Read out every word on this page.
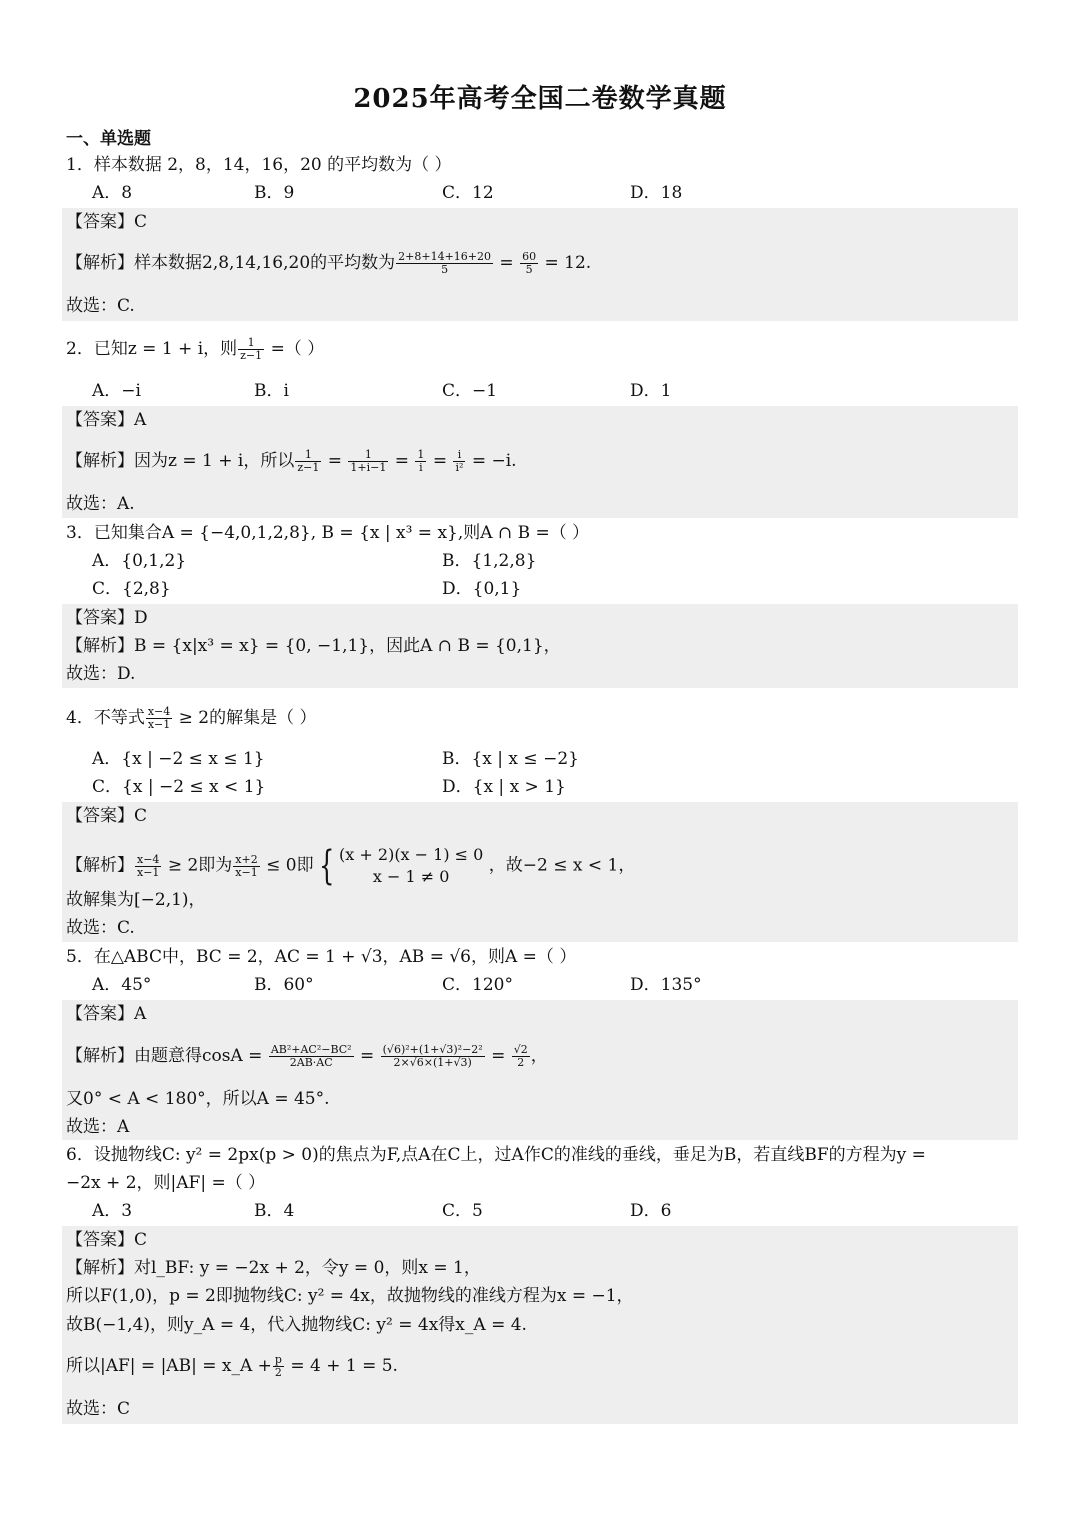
2025年高考全国二卷数学真题
一、单选题
1．样本数据 2，8，14，16，20 的平均数为（ ）
A．8	B．9	C．12	D．18
【答案】C
【解析】样本数据2,8,14,16,20的平均数为 $\frac{2+8+14+16+20}{5} = \frac{60}{5} = 12$.
故选：C.
2．已知z = 1 + i，则 $\frac{1}{z-1}$ =（ ）
A．−i	B．i	C．−1	D．1
【答案】A
【解析】因为z = 1 + i，所以 $\frac{1}{z-1} = \frac{1}{1+i-1} = \frac{1}{i} = \frac{i}{\text{i²}} = -i$.
故选：A.
3．已知集合A = {−4,0,1,2,8}, B = {x | x³ = x},则A ∩ B =（ ）
A．{0,1,2}	B．{1,2,8}
C．{2,8}	D．{0,1}
【答案】D
【解析】B = {x|x³ = x} = {0, −1,1}，因此A ∩ B = {0,1}，
故选：D.
4．不等式 $\frac{x-4}{x-1} \ge 2$的解集是（ ）
A．{x | −2 ≤ x ≤ 1}	B．{x | x ≤ −2}
C．{x | −2 ≤ x < 1}	D．{x | x > 1}
【答案】C
【解析】 $\frac{x-4}{x-1} \ge 2$即为 $\frac{x+2}{x-1} \le 0$即 { (x + 2)(x − 1) ≤ 0
x − 1 ≠ 0
，故−2 ≤ x < 1，
故解集为[−2,1)，
故选：C.
5．在△ABC中，BC = 2，AC = 1 + √3，AB = √6，则A =（ ）
A．45°	B．60°	C．120°	D．135°
【答案】A
【解析】由题意得$\cos A = \frac{\text{AB²+AC²−BC²}}{2AB\cdot AC} = \frac{\text{(√6)²+(1+√3)²−2²}}{2\times√6\times(1+√3)} = \frac{√2}{2}$ ，
又0° < A < 180°，所以A = 45°.
故选：A
6．设抛物线C: y² = 2px(p > 0)的焦点为F,点A在C上，过A作C的准线的垂线，垂足为B，若直线BF的方程为y =
−2x + 2，则|AF| =（ ）
A．3	B．4	C．5	D．6
【答案】C
【解析】对l_BF: y = −2x + 2，令y = 0，则x = 1，
所以F(1,0)，p = 2即抛物线C: y² = 4x，故抛物线的准线方程为x = −1，
故B(−1,4)，则y_A = 4，代入抛物线C: y² = 4x得x_A = 4.
所以|AF| = |AB| = x_A + $\frac{p}{2} = 4 + 1 = 5$.
故选：C
